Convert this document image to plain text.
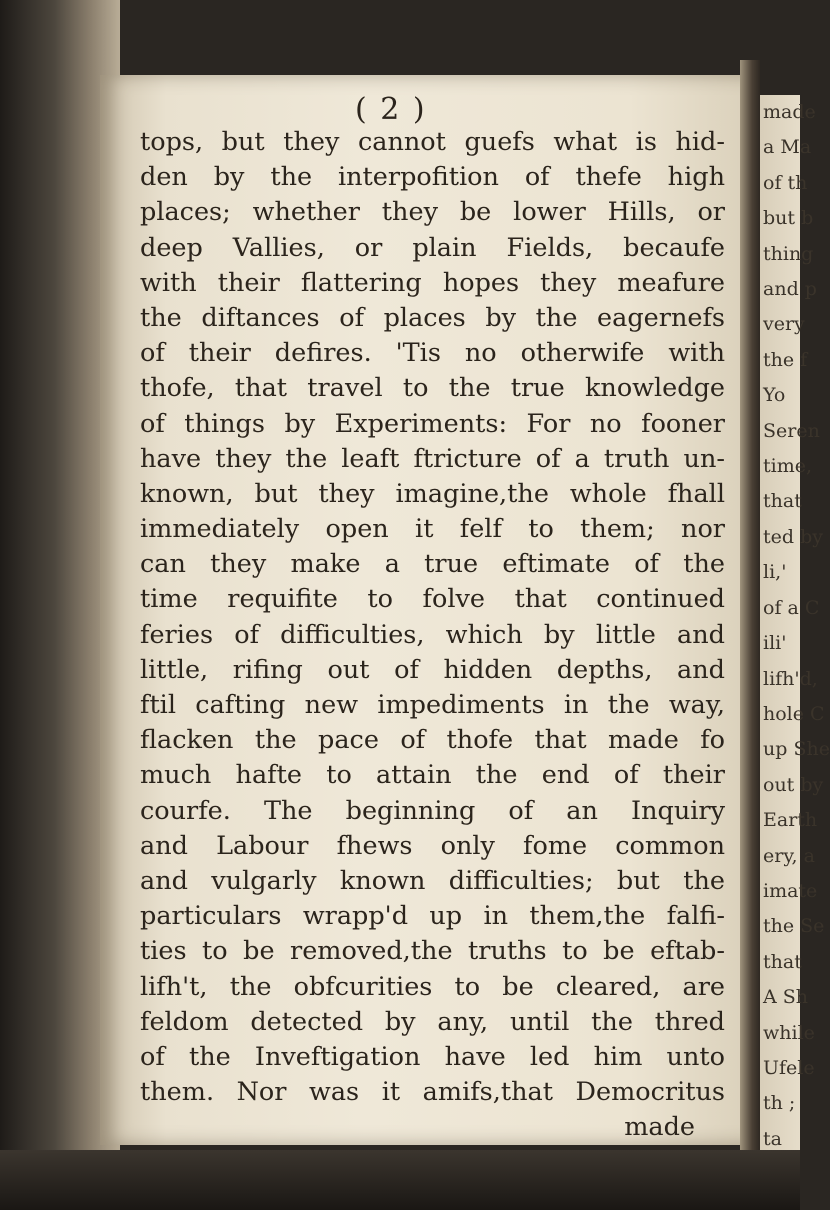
made
a Ma
of th
but b
thing
and p
very
the f
Yo
Seren
time,
that
ted by
li,'
of a C
ili'
lifh'd,
hole C
up She
out by
Earth
ery, a
imate
the Se
that
A Sh
while
Ufele
th ;
ta
( 2 )
tops, but they cannot guefs what is hid-
den by the interpofition of thefe high
places; whether they be lower Hills, or
deep Vallies, or plain Fields, becaufe
with their flattering hopes they meafure
the diftances of places by the eagernefs
of their defires. 'Tis no otherwife with
thofe, that travel to the true knowledge
of things by Experiments: For no fooner
have they the leaft ftricture of a truth un-
known, but they imagine,the whole fhall
immediately open it felf to them; nor
can they make a true eftimate of the
time requifite to folve that continued
feries of difficulties, which by little and
little, rifing out of hidden depths, and
ftil cafting new impediments in the way,
flacken the pace of thofe that made fo
much hafte to attain the end of their
courfe. The beginning of an Inquiry
and Labour fhews only fome common
and vulgarly known difficulties; but the
particulars wrapp'd up in them,the falfi-
ties to be removed,the truths to be eftab-
lifh't, the obfcurities to be cleared, are
feldom detected by any, until the thred
of the Inveftigation have led him unto
them. Nor was it amifs,that Democritus
made
